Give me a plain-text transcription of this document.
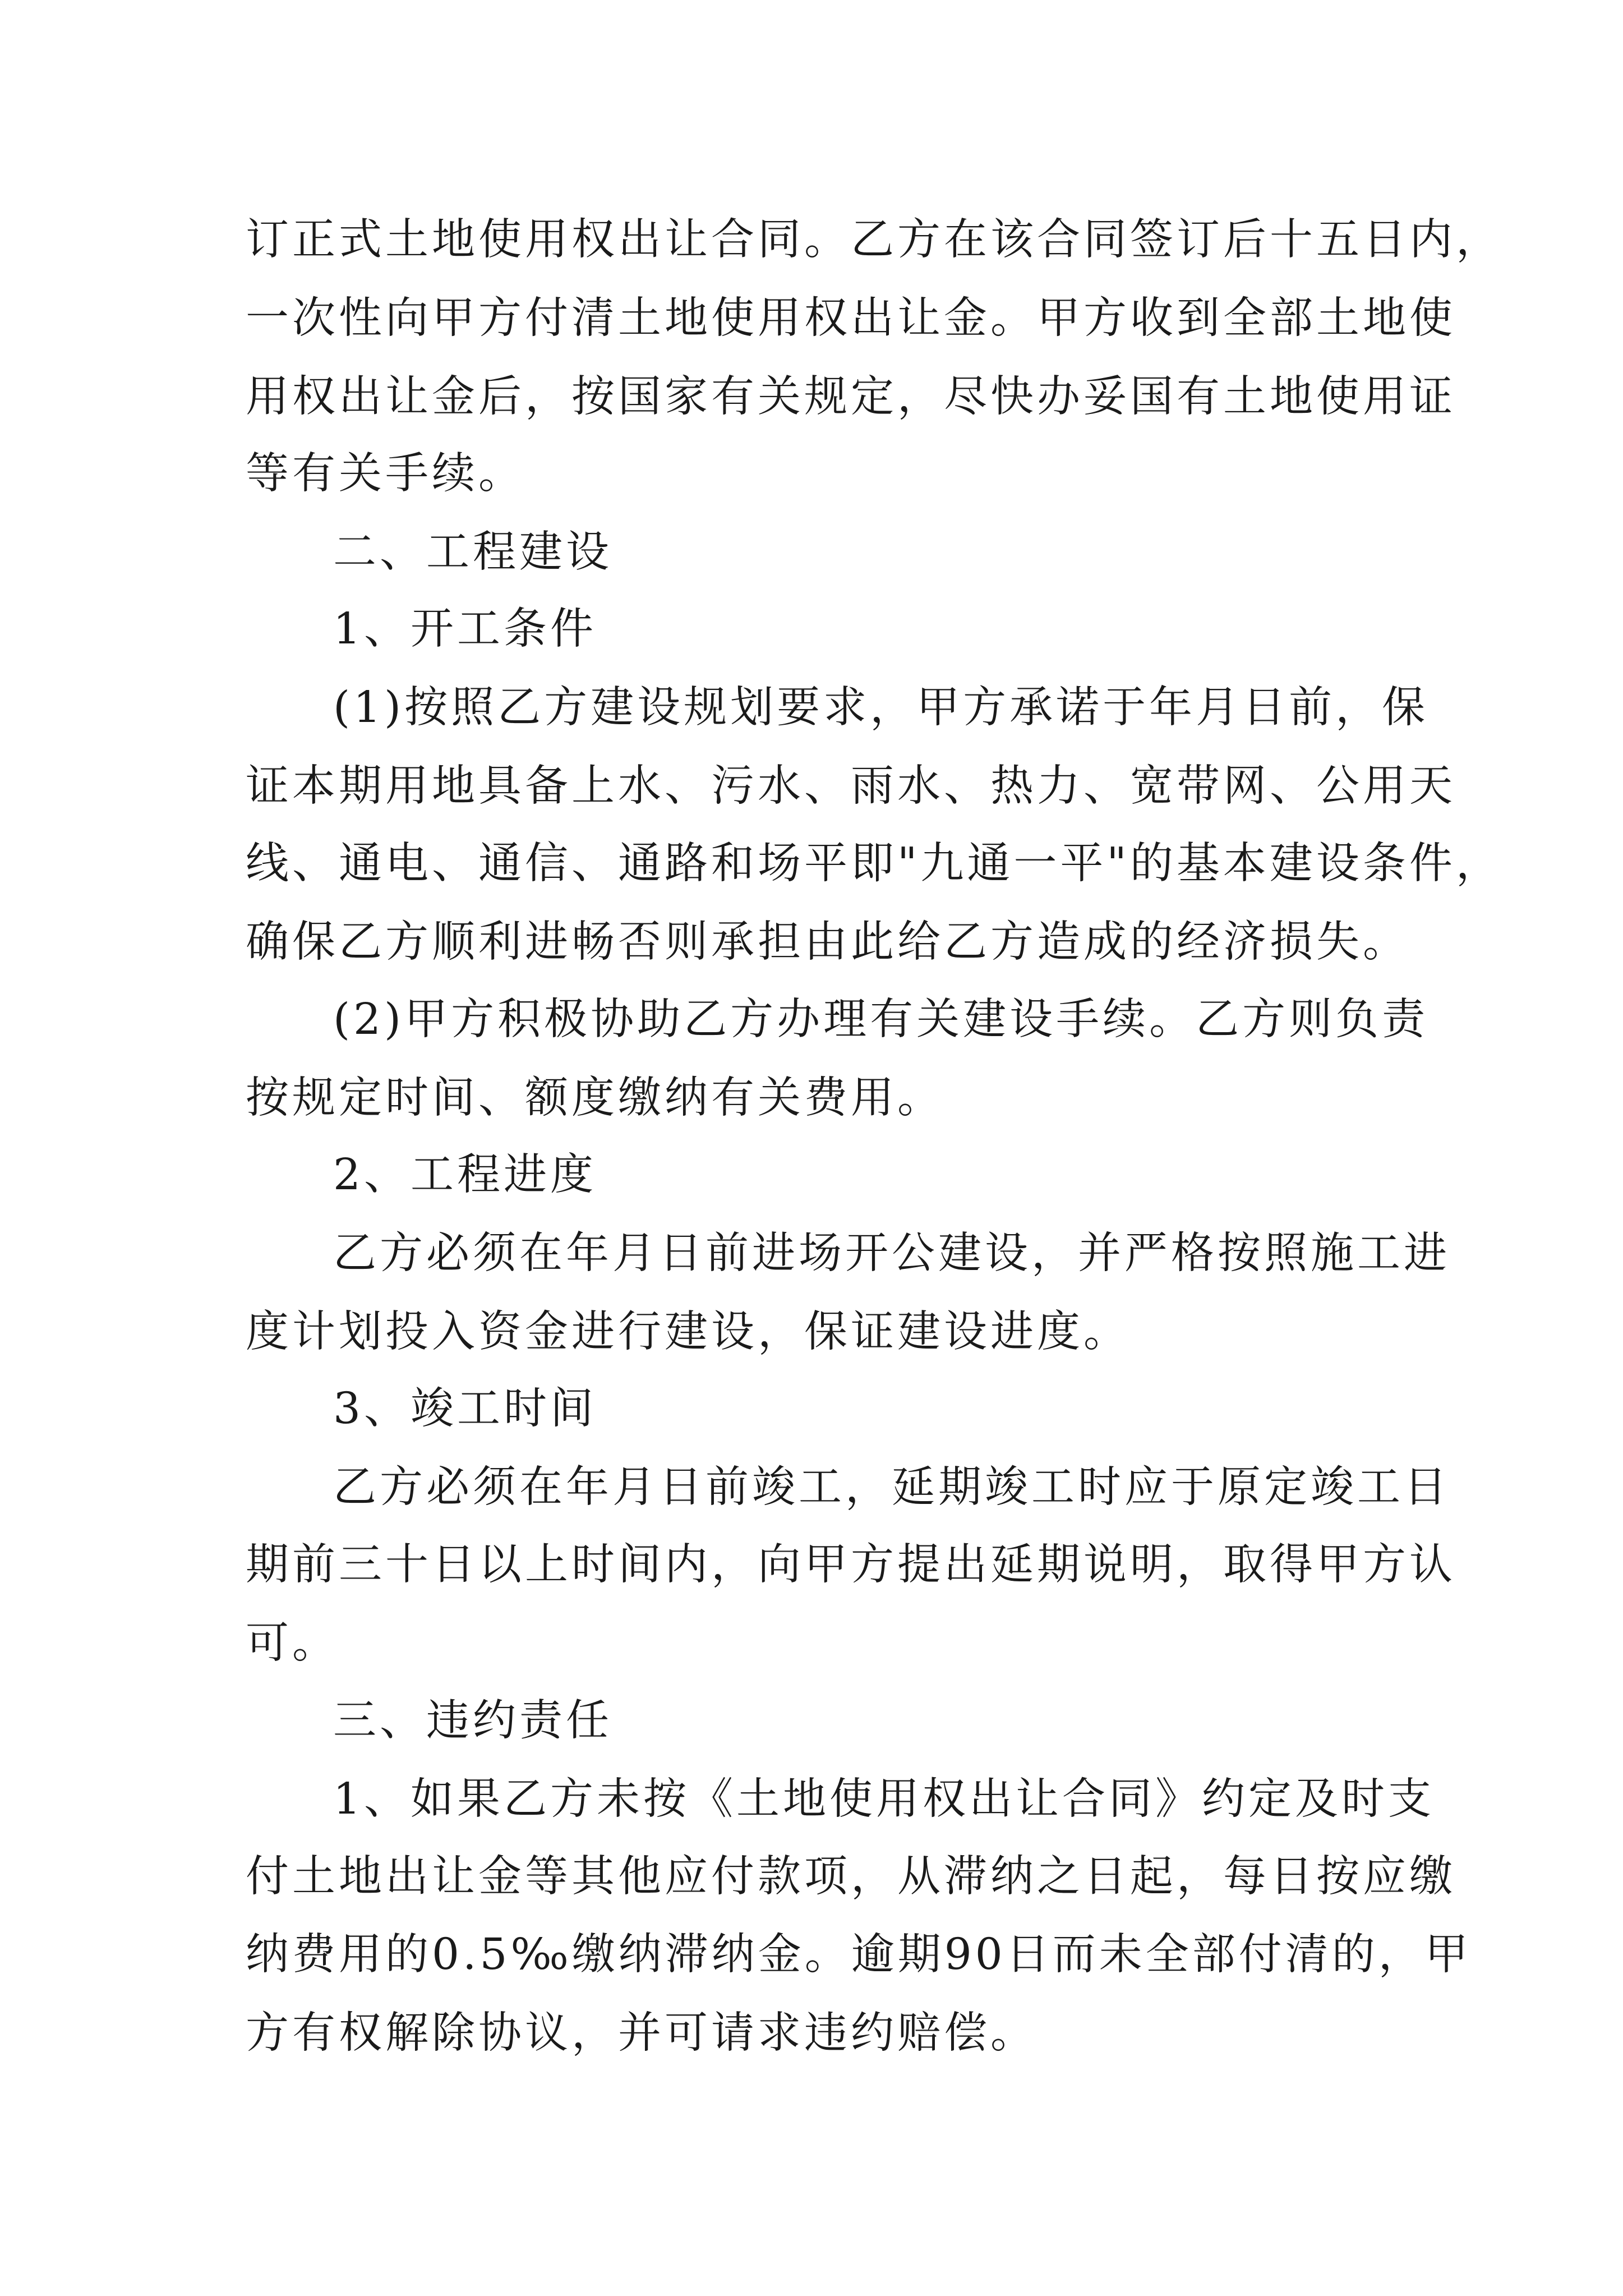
订正式土地使用权出让合同。乙方在该合同签订后十五日内，
一次性向甲方付清土地使用权出让金。甲方收到全部土地使
用权出让金后，按国家有关规定，尽快办妥国有土地使用证
等有关手续。
二、工程建设
1、开工条件
(1)按照乙方建设规划要求，甲方承诺于年月日前，保
证本期用地具备上水、污水、雨水、热力、宽带网、公用天
线、通电、通信、通路和场平即"九通一平"的基本建设条件，
确保乙方顺利进畅否则承担由此给乙方造成的经济损失。
(2)甲方积极协助乙方办理有关建设手续。乙方则负责
按规定时间、额度缴纳有关费用。
2、工程进度
乙方必须在年月日前进场开公建设，并严格按照施工进
度计划投入资金进行建设，保证建设进度。
3、竣工时间
乙方必须在年月日前竣工，延期竣工时应于原定竣工日
期前三十日以上时间内，向甲方提出延期说明，取得甲方认
可。
三、违约责任
1、如果乙方未按《土地使用权出让合同》约定及时支
付土地出让金等其他应付款项，从滞纳之日起，每日按应缴
纳费用的0.5‰缴纳滞纳金。逾期90日而未全部付清的，甲
方有权解除协议，并可请求违约赔偿。
